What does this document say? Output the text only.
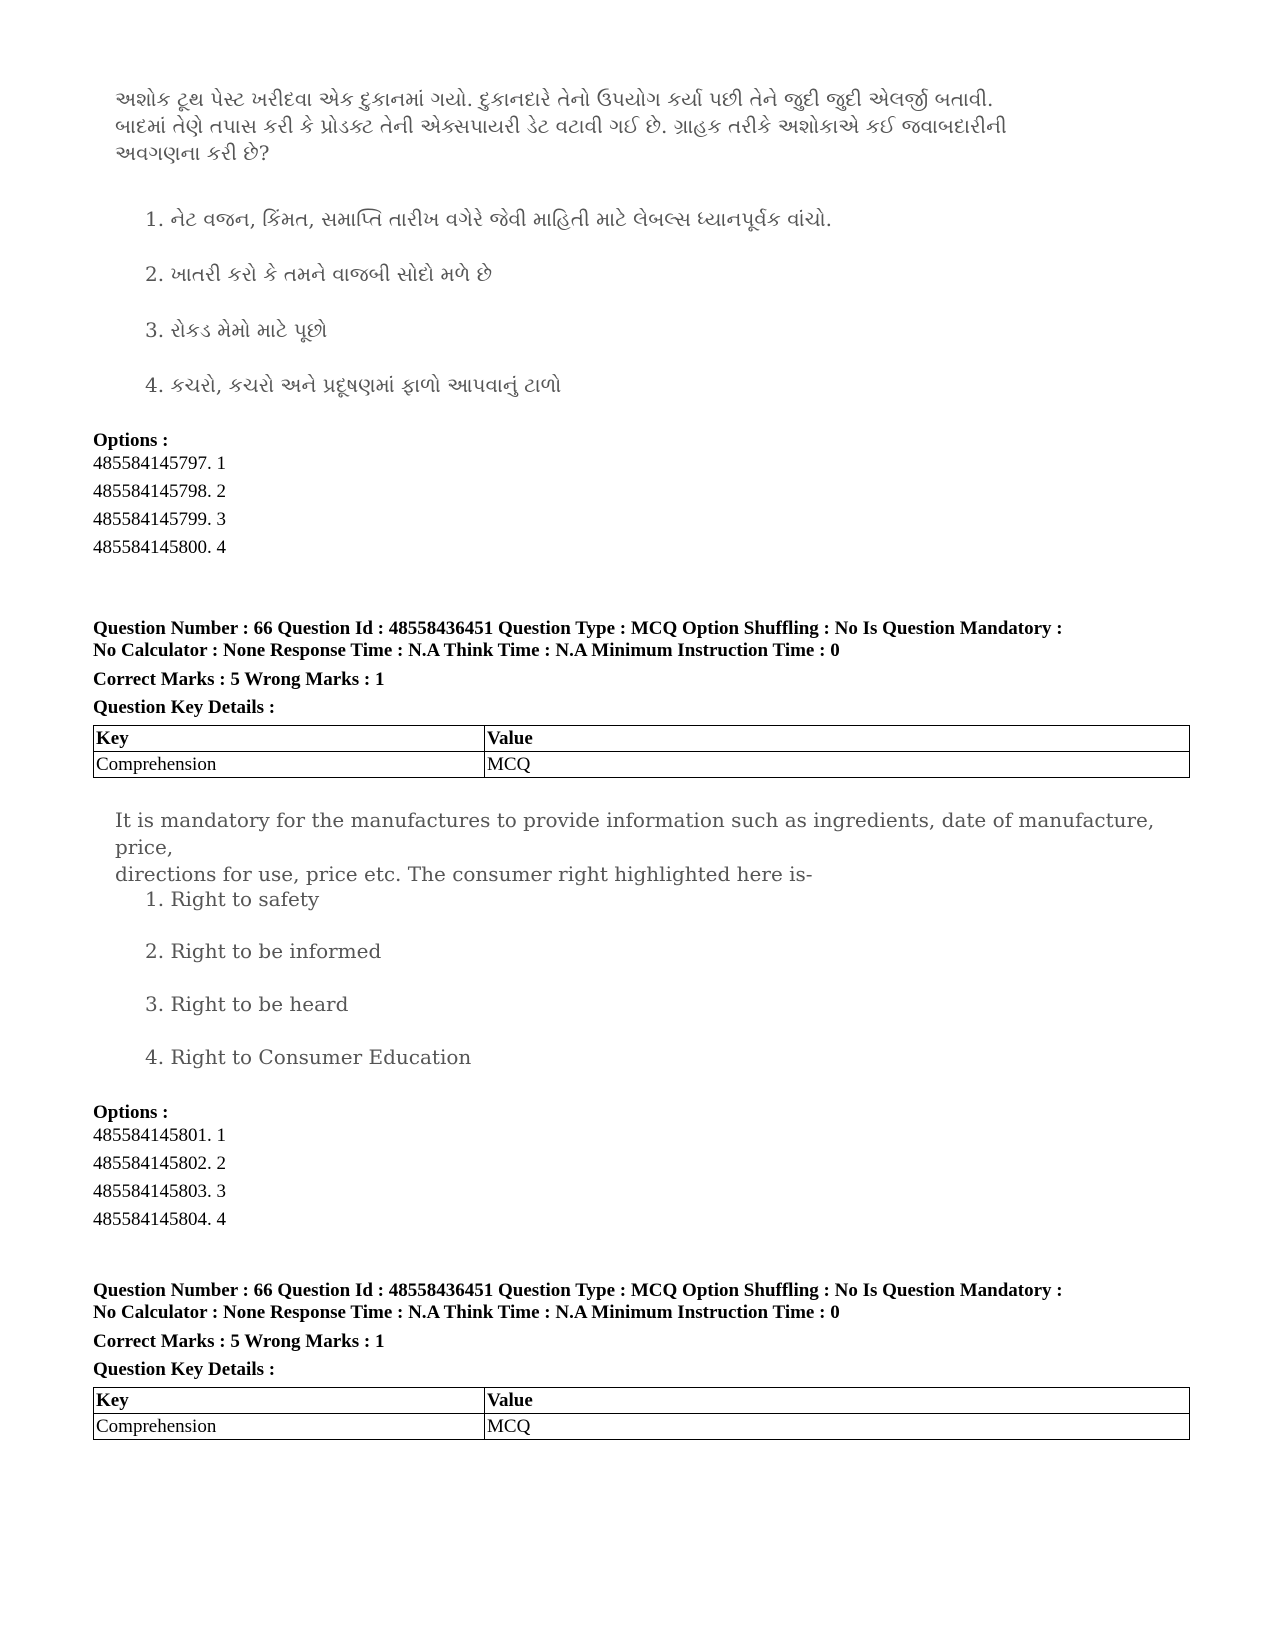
અશોક ટૂથ પેસ્ટ ખરીદવા એક દુકાનમાં ગયો. દુકાનદારે તેનો ઉપયોગ કર્યા પછી તેને જુદી જુદી એલર્જી બતાવી.
બાદમાં તેણે તપાસ કરી કે પ્રોડક્ટ તેની એક્સપાયરી ડેટ વટાવી ગઈ છે. ગ્રાહક તરીકે અશોકાએ કઈ જવાબદારીની
અવગણના કરી છે?
1. નેટ વજન, કિંમત, સમાપ્તિ તારીખ વગેરે જેવી માહિતી માટે લેબલ્સ ધ્યાનપૂર્વક વાંચો.
2. ખાતરી કરો કે તમને વાજબી સોદો મળે છે
3. રોકડ મેમો માટે પૂછો
4. કચરો, કચરો અને પ્રદૂષણમાં ફાળો આપવાનું ટાળો
Options :
485584145797. 1
485584145798. 2
485584145799. 3
485584145800. 4
Question Number : 66 Question Id : 48558436451 Question Type : MCQ Option Shuffling : No Is Question Mandatory :
No Calculator : None Response Time : N.A Think Time : N.A Minimum Instruction Time : 0
Correct Marks : 5 Wrong Marks : 1
Question Key Details :
Key	Value
Comprehension	MCQ
It is mandatory for the manufactures to provide information such as ingredients, date of manufacture, price,
directions for use, price etc. The consumer right highlighted here is-
1. Right to safety
2. Right to be informed
3. Right to be heard
4. Right to Consumer Education
Options :
485584145801. 1
485584145802. 2
485584145803. 3
485584145804. 4
Question Number : 66 Question Id : 48558436451 Question Type : MCQ Option Shuffling : No Is Question Mandatory :
No Calculator : None Response Time : N.A Think Time : N.A Minimum Instruction Time : 0
Correct Marks : 5 Wrong Marks : 1
Question Key Details :
Key	Value
Comprehension	MCQ
